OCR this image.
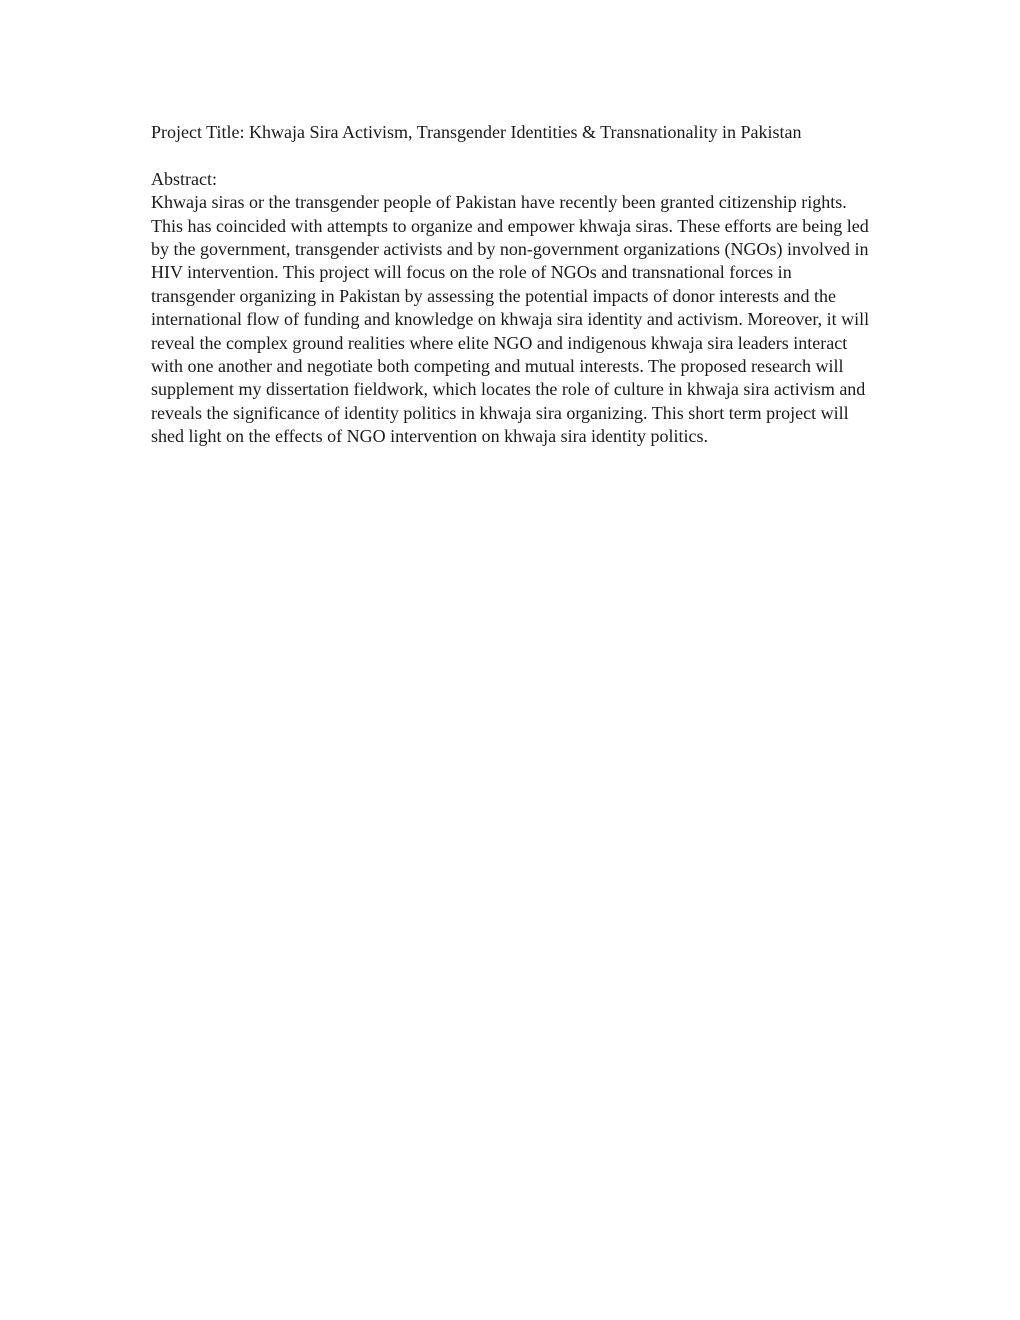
Project Title: Khwaja Sira Activism, Transgender Identities & Transnationality in Pakistan

Abstract:

Khwaja siras or the transgender people of Pakistan have recently been granted citizenship rights. This has coincided with attempts to organize and empower khwaja siras. These efforts are being led by the government, transgender activists and by non-government organizations (NGOs) involved in HIV intervention. This project will focus on the role of NGOs and transnational forces in transgender organizing in Pakistan by assessing the potential impacts of donor interests and the international flow of funding and knowledge on khwaja sira identity and activism. Moreover, it will reveal the complex ground realities where elite NGO and indigenous khwaja sira leaders interact with one another and negotiate both competing and mutual interests. The proposed research will supplement my dissertation fieldwork, which locates the role of culture in khwaja sira activism and reveals the significance of identity politics in khwaja sira organizing. This short term project will shed light on the effects of NGO intervention on khwaja sira identity politics.
